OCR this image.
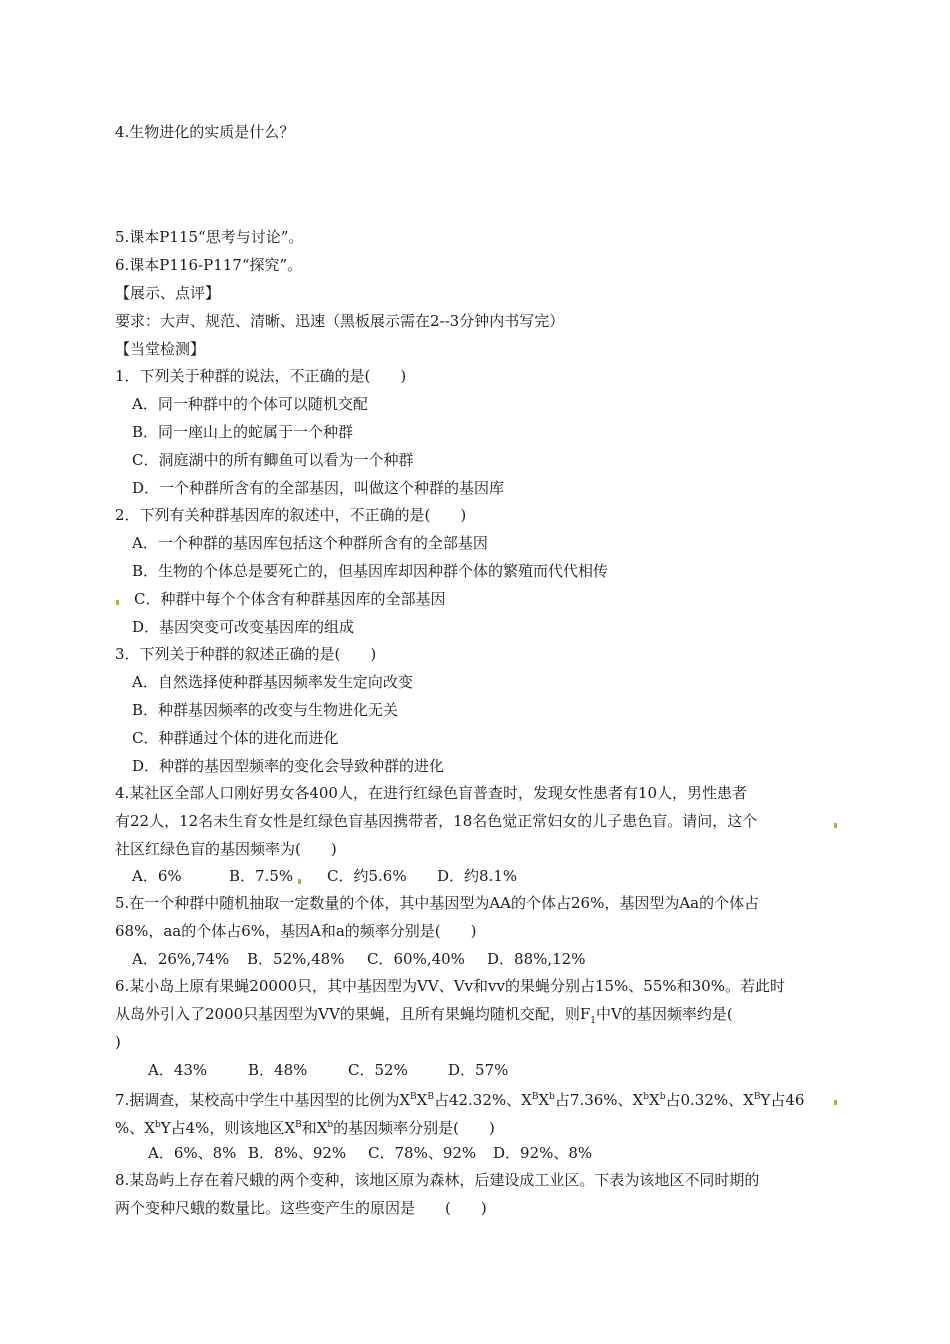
4.生物进化的实质是什么？
5.课本P115“思考与讨论”。
6.课本P116-P117“探究”。
【展示、点评】
要求：大声、规范、清晰、迅速（黑板展示需在2--3分钟内书写完）
【当堂检测】
1．下列关于种群的说法，不正确的是(　　)
A．同一种群中的个体可以随机交配
B．同一座山上的蛇属于一个种群
C．洞庭湖中的所有鲫鱼可以看为一个种群
D．一个种群所含有的全部基因，叫做这个种群的基因库
2．下列有关种群基因库的叙述中，不正确的是(　　)
A．一个种群的基因库包括这个种群所含有的全部基因
B．生物的个体总是要死亡的，但基因库却因种群个体的繁殖而代代相传
C．种群中每个个体含有种群基因库的全部基因
D．基因突变可改变基因库的组成
3．下列关于种群的叙述正确的是(　　)
A．自然选择使种群基因频率发生定向改变
B．种群基因频率的改变与生物进化无关
C．种群通过个体的进化而进化
D．种群的基因型频率的变化会导致种群的进化
4.某社区全部人口刚好男女各400人，在进行红绿色盲普查时，发现女性患者有10人，男性患者
有22人，12名未生育女性是红绿色盲基因携带者，18名色觉正常妇女的儿子患色盲。请问，这个
社区红绿色盲的基因频率为(　　)
A．6%	B．7.5% C．约5.6% D．约8.1%
5.在一个种群中随机抽取一定数量的个体，其中基因型为AA的个体占26%，基因型为Aa的个体占
68%，aa的个体占6%，基因A和a的频率分别是(　　)
A．26%,74% B．52%,48% C．60%,40% D．88%,12%
6.某小岛上原有果蝇20000只，其中基因型为VV、Vv和vv的果蝇分别占15%、55%和30%。若此时
从岛外引入了2000只基因型为VV的果蝇，且所有果蝇均随机交配，则$F_1$中V的基因频率约是(
)
A．43%	B．48%	C．52%	D．57%
7.据调查，某校高中学生中基因型的比例为$X^BX^B$占42.32%、$X^BX^b$占7.36%、$X^bX^b$占0.32%、$X^BY$占46
%、$X^bY$占4%，则该地区$X^B$和$X^b$的基因频率分别是(　　)
A．6%、8% B．8%、92% C．78%、92% D．92%、8%
8.某岛屿上存在着尺蛾的两个变种，该地区原为森林，后建设成工业区。下表为该地区不同时期的
两个变种尺蛾的数量比。这些变产生的原因是　　(　　)
